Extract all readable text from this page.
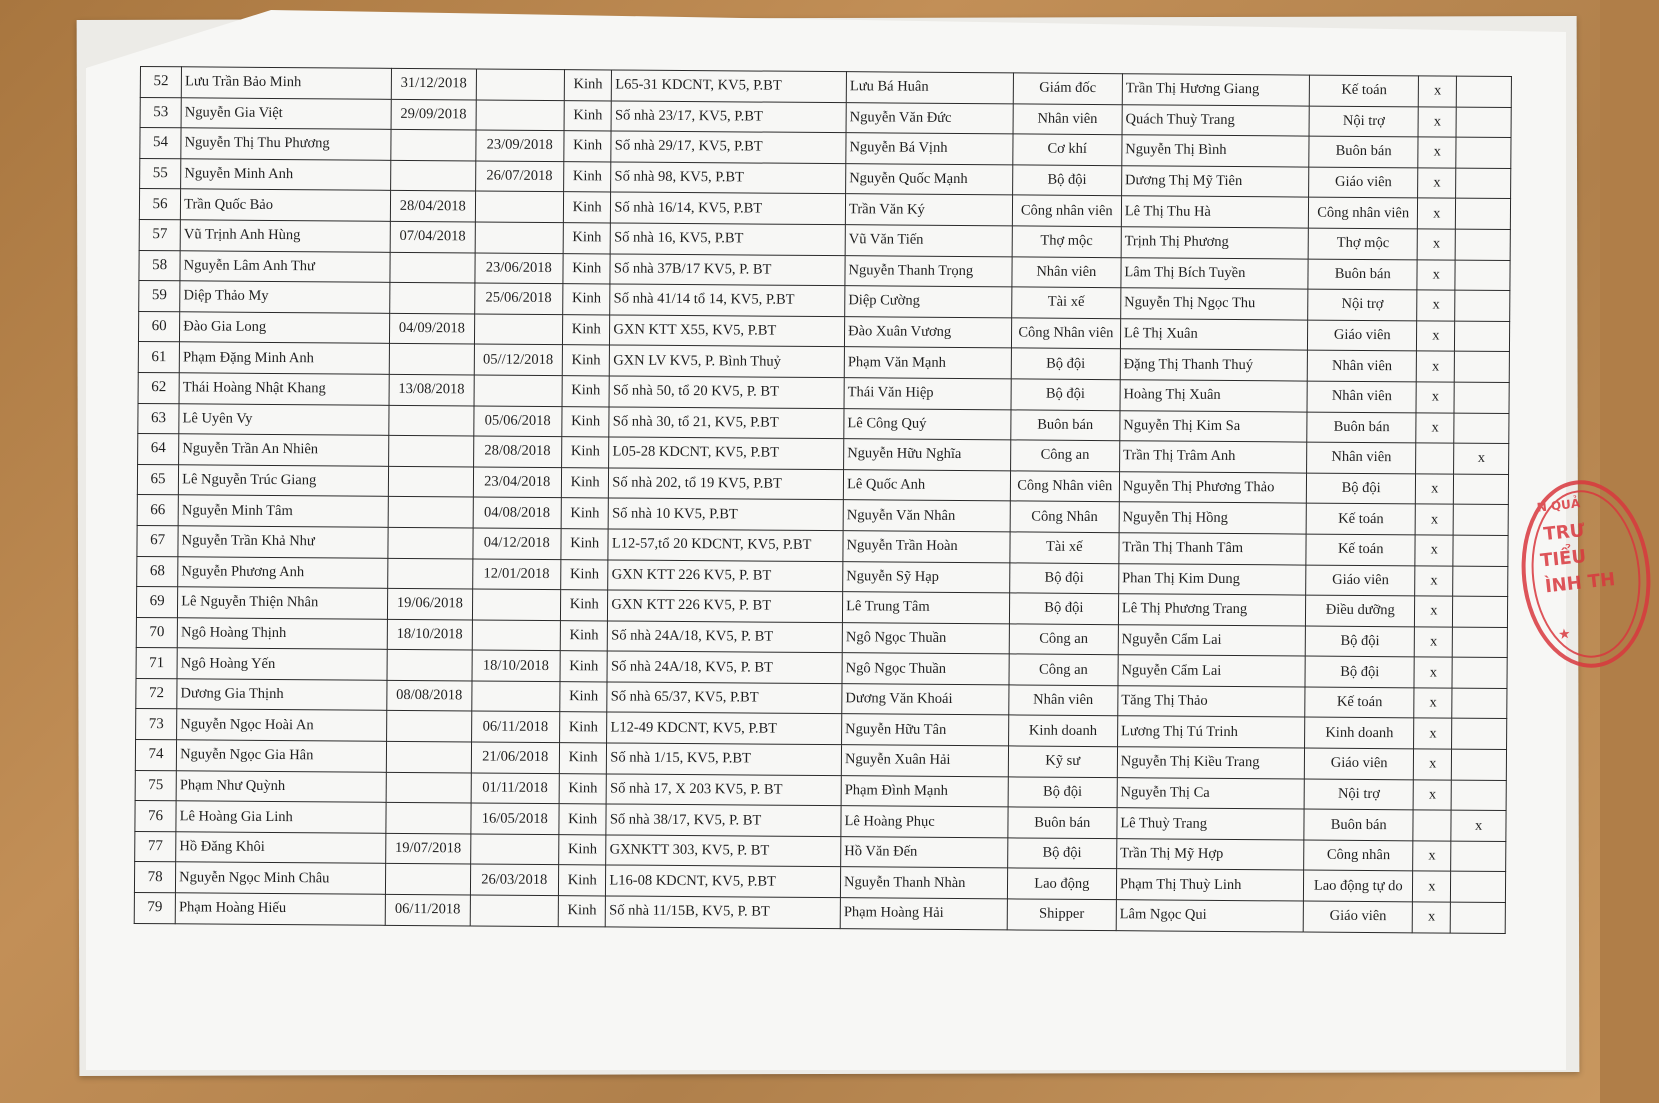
52	Lưu Trần Bảo Minh	31/12/2018		Kinh	L65-31 KDCNT, KV5, P.BT	Lưu Bá Huân	Giám đốc	Trần Thị Hương Giang	Kế toán	x	
53	Nguyễn Gia Việt	29/09/2018		Kinh	Số nhà 23/17, KV5, P.BT	Nguyễn Văn Đức	Nhân viên	Quách Thuỳ Trang	Nội trợ	x	
54	Nguyễn Thị Thu Phương		23/09/2018	Kinh	Số nhà 29/17, KV5, P.BT	Nguyễn Bá Vịnh	Cơ khí	Nguyễn Thị Bình	Buôn bán	x	
55	Nguyễn Minh Anh		26/07/2018	Kinh	Số nhà 98, KV5, P.BT	Nguyễn Quốc Mạnh	Bộ đội	Dương Thị Mỹ Tiên	Giáo viên	x	
56	Trần Quốc Bảo	28/04/2018		Kinh	Số nhà 16/14, KV5, P.BT	Trần Văn Ký	Công nhân viên	Lê Thị Thu Hà	Công nhân viên	x	
57	Vũ Trịnh Anh Hùng	07/04/2018		Kinh	Số nhà 16, KV5, P.BT	Vũ Văn Tiến	Thợ mộc	Trịnh Thị Phương	Thợ mộc	x	
58	Nguyễn Lâm Anh Thư		23/06/2018	Kinh	Số nhà 37B/17 KV5, P. BT	Nguyễn Thanh Trọng	Nhân viên	Lâm Thị Bích Tuyền	Buôn bán	x	
59	Diệp Thảo My		25/06/2018	Kinh	Số nhà 41/14 tổ 14, KV5, P.BT	Diệp Cường	Tài xế	Nguyễn Thị Ngọc Thu	Nội trợ	x	
60	Đào Gia Long	04/09/2018		Kinh	GXN KTT X55, KV5, P.BT	Đào Xuân Vương	Công Nhân viên	Lê Thị Xuân	Giáo viên	x	
61	Phạm Đặng Minh Anh		05//12/2018	Kinh	GXN LV KV5, P. Bình Thuỷ	Phạm Văn Mạnh	Bộ đội	Đặng Thị Thanh Thuý	Nhân viên	x	
62	Thái Hoàng Nhật Khang	13/08/2018		Kinh	Số nhà 50, tổ 20 KV5, P. BT	Thái Văn Hiệp	Bộ đội	Hoàng Thị Xuân	Nhân viên	x	
63	Lê Uyên Vy		05/06/2018	Kinh	Số nhà 30, tổ 21, KV5, P.BT	Lê Công Quý	Buôn bán	Nguyễn Thị Kim Sa	Buôn bán	x	
64	Nguyễn Trần An Nhiên		28/08/2018	Kinh	L05-28 KDCNT, KV5, P.BT	Nguyễn Hữu Nghĩa	Công an	Trần Thị Trâm Anh	Nhân viên		x
65	Lê Nguyễn Trúc Giang		23/04/2018	Kinh	Số nhà 202, tổ 19 KV5, P.BT	Lê Quốc Anh	Công Nhân viên	Nguyễn Thị Phương Thảo	Bộ đội	x	
66	Nguyễn Minh Tâm		04/08/2018	Kinh	Số nhà 10 KV5, P.BT	Nguyễn Văn Nhân	Công Nhân	Nguyễn Thị Hồng	Kế toán	x	
67	Nguyễn Trần Khả Như		04/12/2018	Kinh	L12-57,tổ 20 KDCNT, KV5, P.BT	Nguyễn Trần Hoàn	Tài xế	Trần Thị Thanh Tâm	Kế toán	x	
68	Nguyễn Phương Anh		12/01/2018	Kinh	GXN KTT 226 KV5, P. BT	Nguyễn Sỹ Hạp	Bộ đội	Phan Thị Kim Dung	Giáo viên	x	
69	Lê Nguyễn Thiện Nhân	19/06/2018		Kinh	GXN KTT 226 KV5, P. BT	Lê Trung Tâm	Bộ đội	Lê Thị Phương Trang	Điều dưỡng	x	
70	Ngô Hoàng Thịnh	18/10/2018		Kinh	Số nhà 24A/18, KV5, P. BT	Ngô Ngọc Thuần	Công an	Nguyễn Cẩm Lai	Bộ đội	x	
71	Ngô Hoàng Yến		18/10/2018	Kinh	Số nhà 24A/18, KV5, P. BT	Ngô Ngọc Thuần	Công an	Nguyễn Cẩm Lai	Bộ đội	x	
72	Dương Gia Thịnh	08/08/2018		Kinh	Số nhà 65/37, KV5, P.BT	Dương Văn Khoái	Nhân viên	Tăng Thị Thảo	Kế toán	x	
73	Nguyễn Ngọc Hoài An		06/11/2018	Kinh	L12-49 KDCNT, KV5, P.BT	Nguyễn Hữu Tân	Kinh doanh	Lương Thị Tú Trinh	Kinh doanh	x	
74	Nguyễn Ngọc Gia Hân		21/06/2018	Kinh	Số nhà 1/15, KV5, P.BT	Nguyễn Xuân Hải	Kỹ sư	Nguyễn Thị Kiều Trang	Giáo viên	x	
75	Phạm Như Quỳnh		01/11/2018	Kinh	Số nhà 17, X 203 KV5, P. BT	Phạm Đình Mạnh	Bộ đội	Nguyễn Thị Ca	Nội trợ	x	
76	Lê Hoàng Gia Linh		16/05/2018	Kinh	Số nhà 38/17, KV5, P. BT	Lê Hoàng Phục	Buôn bán	Lê Thuỳ Trang	Buôn bán		x
77	Hồ Đăng Khôi	19/07/2018		Kinh	GXNKTT 303, KV5, P. BT	Hồ Văn Đến	Bộ đội	Trần Thị Mỹ Hợp	Công nhân	x	
78	Nguyễn Ngọc Minh Châu		26/03/2018	Kinh	L16-08 KDCNT, KV5, P.BT	Nguyễn Thanh Nhàn	Lao động	Phạm Thị Thuỳ Linh	Lao động tự do	x	
79	Phạm Hoàng Hiếu	06/11/2018		Kinh	Số nhà 11/15B, KV5, P. BT	Phạm Hoàng Hải	Shipper	Lâm Ngọc Qui	Giáo viên	x	
N QUẢ
TRƯ
TIỂU
ÌNH TH
★
